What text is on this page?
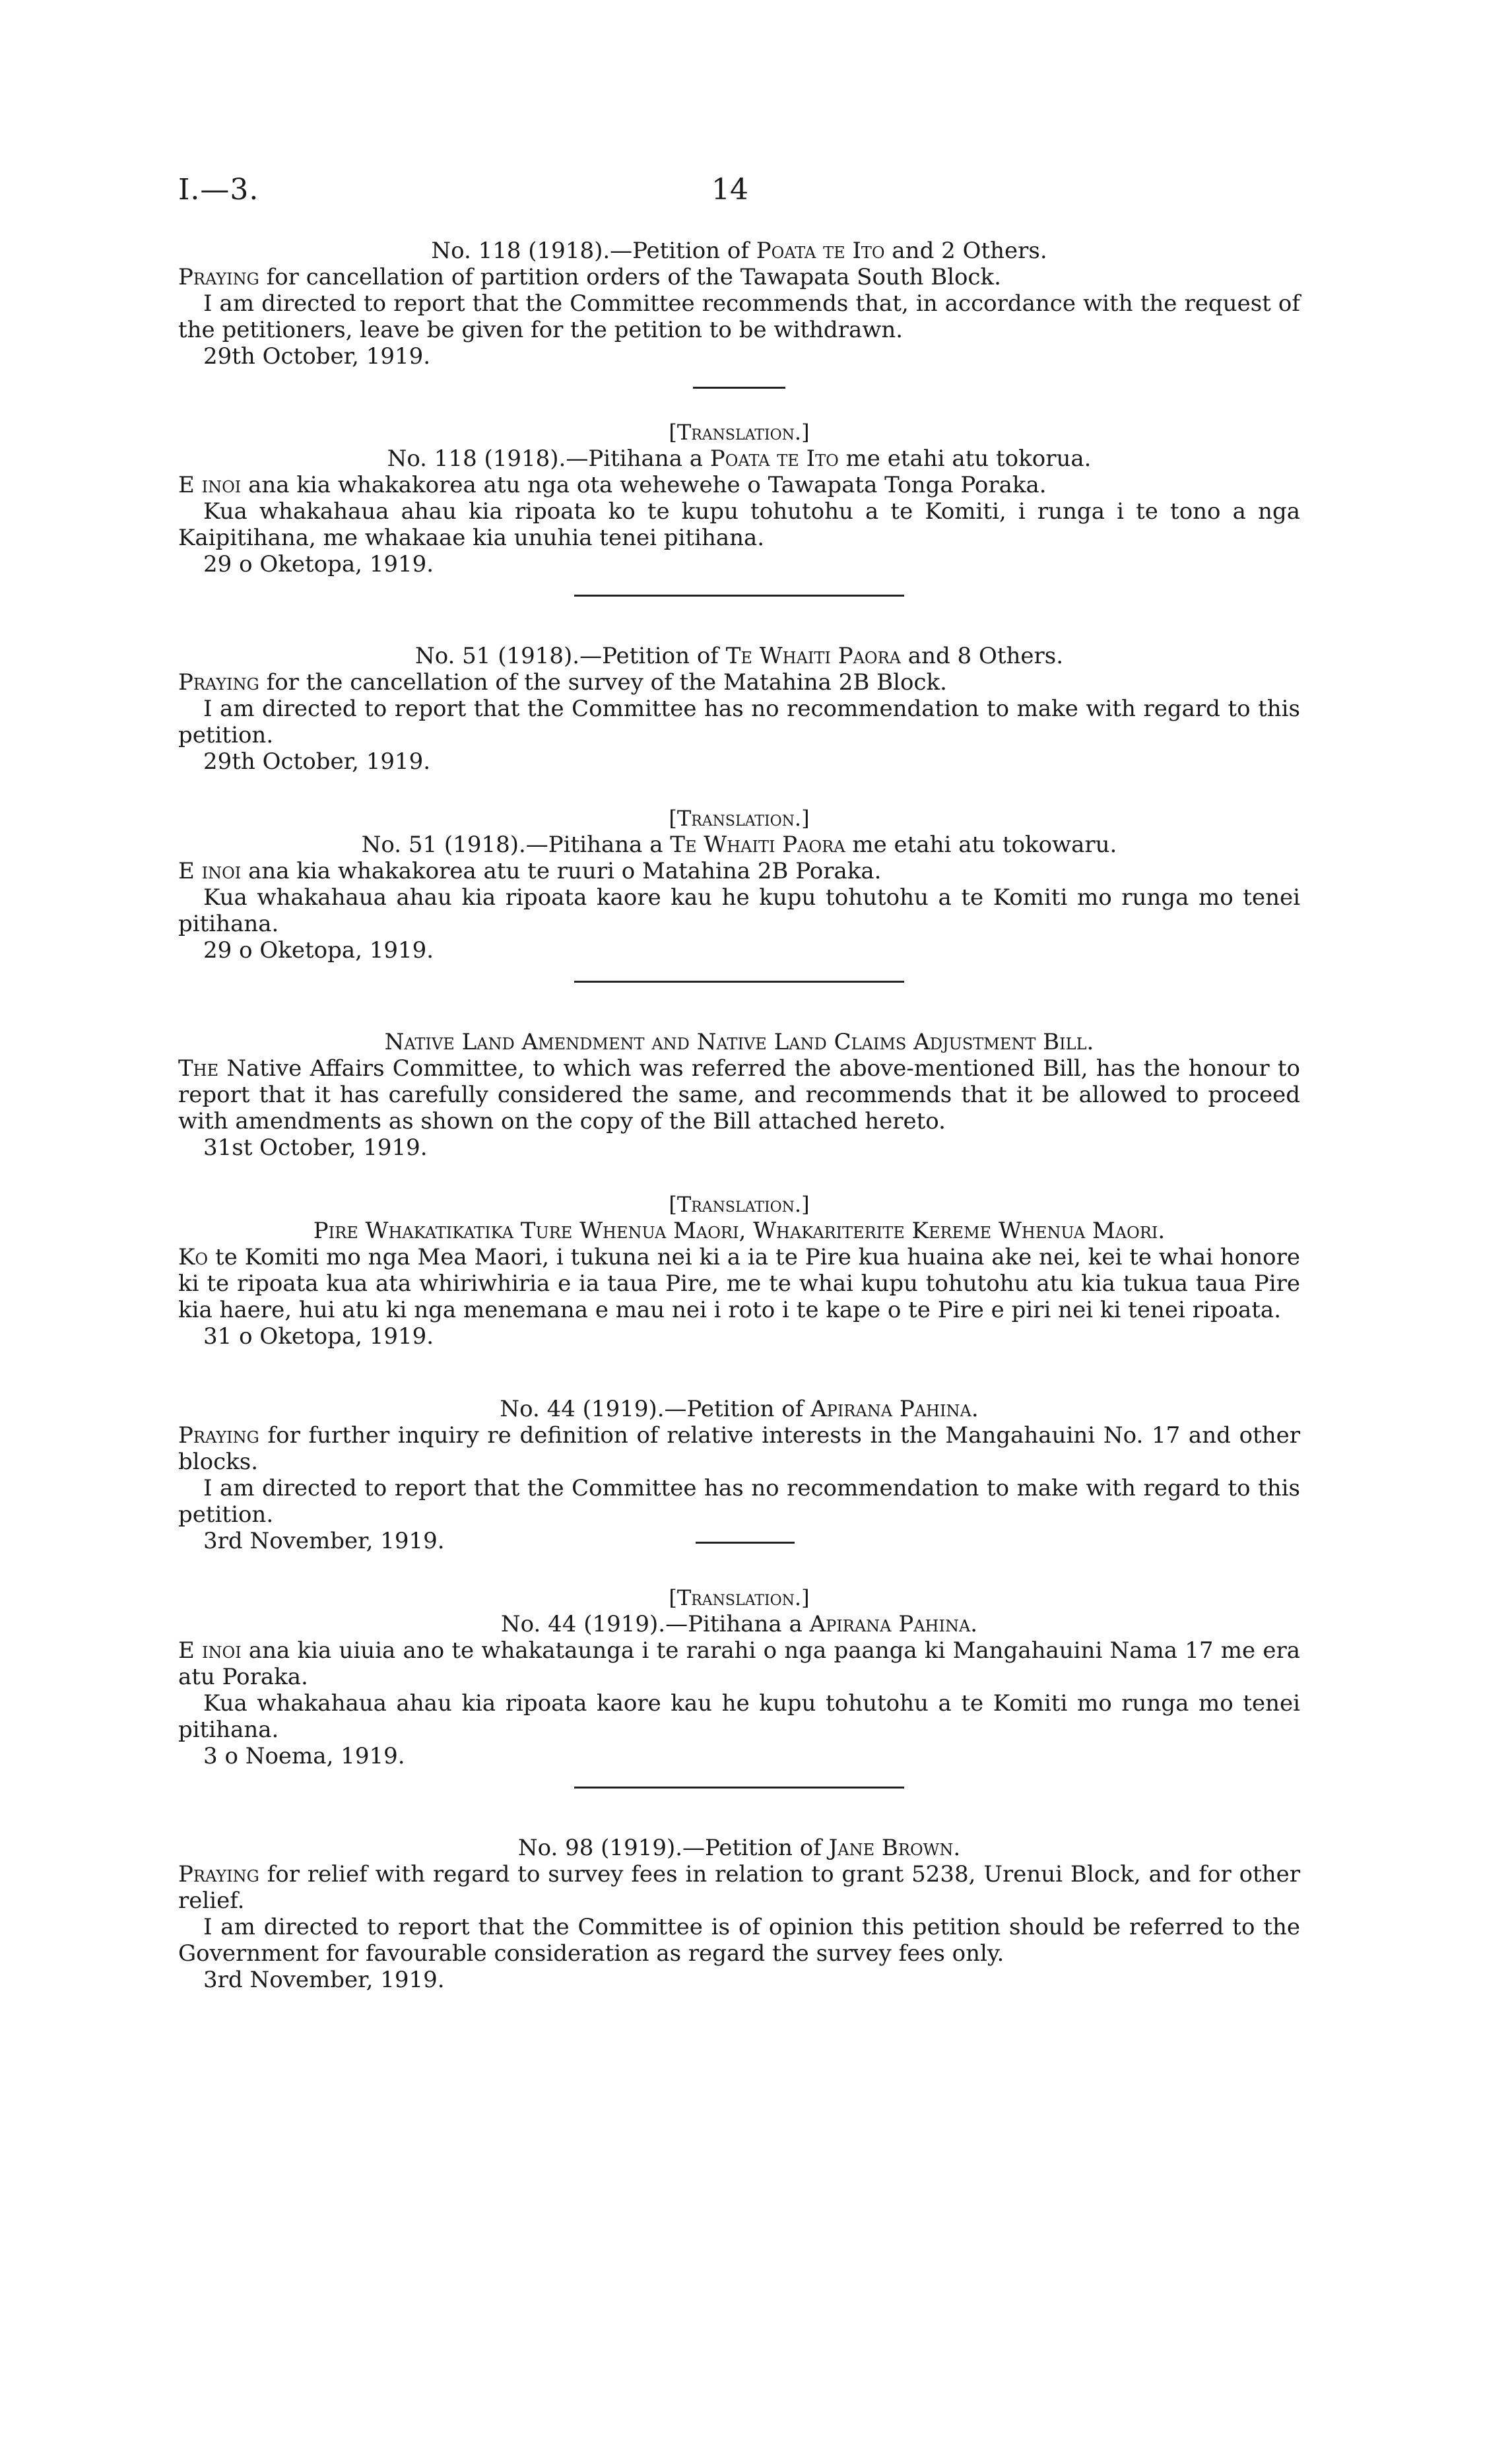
I.—3.	14

No. 118 (1918).—Petition of Poata te Ito and 2 Others.

Praying for cancellation of partition orders of the Tawapata South Block.

I am directed to report that the Committee recommends that, in accordance with the request of the petitioners, leave be given for the petition to be withdrawn.

29th October, 1919.

[Translation.]

No. 118 (1918).—Pitihana a Poata te Ito me etahi atu tokorua.

E inoi ana kia whakakorea atu nga ota wehewehe o Tawapata Tonga Poraka.

Kua whakahaua ahau kia ripoata ko te kupu tohutohu a te Komiti, i runga i te tono a nga Kaipitihana, me whakaae kia unuhia tenei pitihana.

29 o Oketopa, 1919.

No. 51 (1918).—Petition of Te Whaiti Paora and 8 Others.

Praying for the cancellation of the survey of the Matahina 2B Block.

I am directed to report that the Committee has no recommendation to make with regard to this petition.

29th October, 1919.

[Translation.]

No. 51 (1918).—Pitihana a Te Whaiti Paora me etahi atu tokowaru.

E inoi ana kia whakakorea atu te ruuri o Matahina 2B Poraka.

Kua whakahaua ahau kia ripoata kaore kau he kupu tohutohu a te Komiti mo runga mo tenei pitihana.

29 o Oketopa, 1919.

Native Land Amendment and Native Land Claims Adjustment Bill.

The Native Affairs Committee, to which was referred the above-mentioned Bill, has the honour to report that it has carefully considered the same, and recommends that it be allowed to proceed with amendments as shown on the copy of the Bill attached hereto.

31st October, 1919.

[Translation.]

Pire Whakatikatika Ture Whenua Maori, Whakariterite Kereme Whenua Maori.

Ko te Komiti mo nga Mea Maori, i tukuna nei ki a ia te Pire kua huaina ake nei, kei te whai honore ki te ripoata kua ata whiriwhiria e ia taua Pire, me te whai kupu tohutohu atu kia tukua taua Pire kia haere, hui atu ki nga menemana e mau nei i roto i te kape o te Pire e piri nei ki tenei ripoata.

31 o Oketopa, 1919.

No. 44 (1919).—Petition of Apirana Pahina.

Praying for further inquiry re definition of relative interests in the Mangahauini No. 17 and other blocks.

I am directed to report that the Committee has no recommendation to make with regard to this petition.

3rd November, 1919.

[Translation.]

No. 44 (1919).—Pitihana a Apirana Pahina.

E inoi ana kia uiuia ano te whakataunga i te rarahi o nga paanga ki Mangahauini Nama 17 me era atu Poraka.

Kua whakahaua ahau kia ripoata kaore kau he kupu tohutohu a te Komiti mo runga mo tenei pitihana.

3 o Noema, 1919.

No. 98 (1919).—Petition of Jane Brown.

Praying for relief with regard to survey fees in relation to grant 5238, Urenui Block, and for other relief.

I am directed to report that the Committee is of opinion this petition should be referred to the Government for favourable consideration as regard the survey fees only.

3rd November, 1919.
